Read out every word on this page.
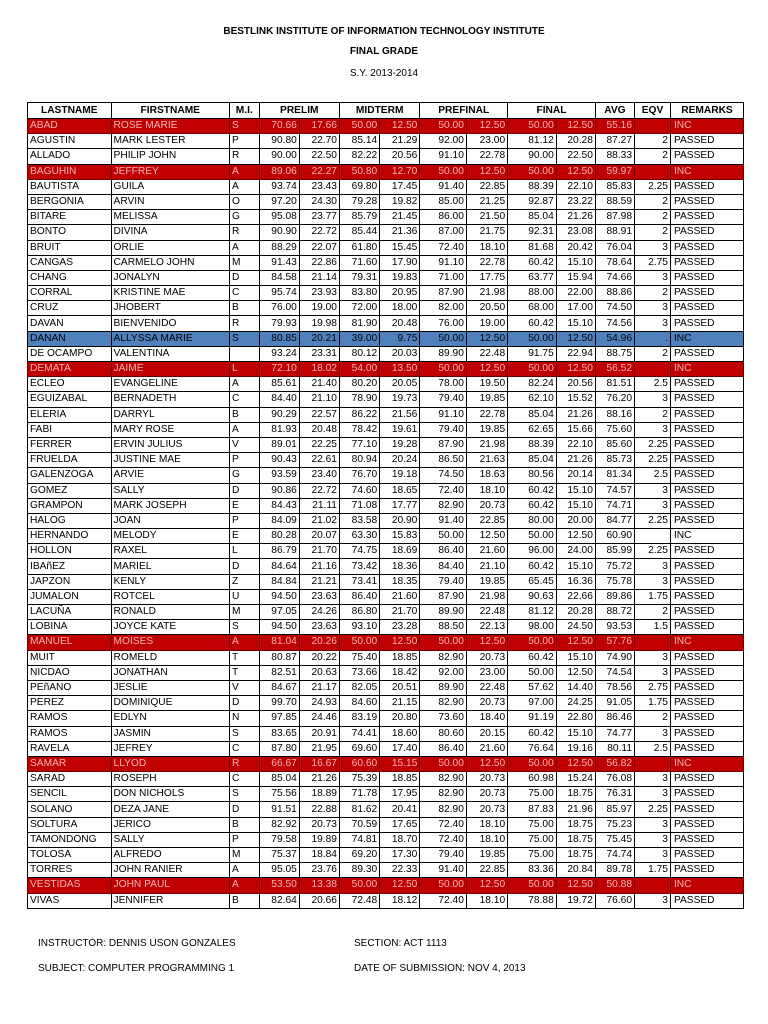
BESTLINK INSTITUTE OF INFORMATION TECHNOLOGY INSTITUTE
FINAL GRADE
S.Y. 2013-2014
LASTNAME	FIRSTNAME	M.I.	PRELIM		MIDTERM		PREFINAL		FINAL		AVG	EQV	REMARKS
ABAD	ROSE MARIE	S	70.66	17.66	50.00	12.50	50.00	12.50	50.00	12.50	55.16		INC
AGUSTIN	MARK LESTER	P	90.80	22.70	85.14	21.29	92.00	23.00	81.12	20.28	87.27	2	PASSED
ALLADO	PHILIP JOHN	R	90.00	22.50	82.22	20.56	91.10	22.78	90.00	22.50	88.33	2	PASSED
BAGUHIN	JEFFREY	A	89.06	22.27	50.80	12.70	50.00	12.50	50.00	12.50	59.97		INC
BAUTISTA	GUILA	A	93.74	23.43	69.80	17.45	91.40	22.85	88.39	22.10	85.83	2.25	PASSED
BERGONIA	ARVIN	O	97.20	24.30	79.28	19.82	85.00	21.25	92.87	23.22	88.59	2	PASSED
BITARE	MELISSA	G	95.08	23.77	85.79	21.45	86.00	21.50	85.04	21.26	87.98	2	PASSED
BONTO	DIVINA	R	90.90	22.72	85.44	21.36	87.00	21.75	92.31	23.08	88.91	2	PASSED
BRUIT	ORLIE	A	88.29	22.07	61.80	15.45	72.40	18.10	81.68	20.42	76.04	3	PASSED
CANGAS	CARMELO JOHN	M	91.43	22.86	71.60	17.90	91.10	22.78	60.42	15.10	78.64	2.75	PASSED
CHANG	JONALYN	D	84.58	21.14	79.31	19.83	71.00	17.75	63.77	15.94	74.66	3	PASSED
CORRAL	KRISTINE MAE	C	95.74	23.93	83.80	20.95	87.90	21.98	88.00	22.00	88.86	2	PASSED
CRUZ	JHOBERT	B	76.00	19.00	72.00	18.00	82.00	20.50	68.00	17.00	74.50	3	PASSED
DAVAN	BIENVENIDO	R	79.93	19.98	81.90	20.48	76.00	19.00	60.42	15.10	74.56	3	PASSED
DANAN	ALLYSSA MARIE	S	80.85	20.21	39.00	9.75	50.00	12.50	50.00	12.50	54.96	.	INC
DE OCAMPO	VALENTINA		93.24	23.31	80.12	20.03	89.90	22.48	91.75	22.94	88.75	2	PASSED
DEMATA	JAIME	L	72.10	18.02	54.00	13.50	50.00	12.50	50.00	12.50	56.52		INC
ECLEO	EVANGELINE	A	85.61	21.40	80.20	20.05	78.00	19.50	82.24	20.56	81.51	2.5	PASSED
EGUIZABAL	BERNADETH	C	84.40	21.10	78.90	19.73	79.40	19.85	62.10	15.52	76.20	3	PASSED
ELERIA	DARRYL	B	90.29	22.57	86.22	21.56	91.10	22.78	85.04	21.26	88.16	2	PASSED
FABI	MARY ROSE	A	81.93	20.48	78.42	19.61	79.40	19.85	62.65	15.66	75.60	3	PASSED
FERRER	ERVIN JULIUS	V	89.01	22.25	77.10	19.28	87.90	21.98	88.39	22.10	85.60	2.25	PASSED
FRUELDA	JUSTINE MAE	P	90.43	22.61	80.94	20.24	86.50	21.63	85.04	21.26	85.73	2.25	PASSED
GALENZOGA	ARVIE	G	93.59	23.40	76.70	19.18	74.50	18.63	80.56	20.14	81.34	2.5	PASSED
GOMEZ	SALLY	D	90.86	22.72	74.60	18.65	72.40	18.10	60.42	15.10	74.57	3	PASSED
GRAMPON	MARK JOSEPH	E	84.43	21.11	71.08	17.77	82.90	20.73	60.42	15.10	74.71	3	PASSED
HALOG	JOAN	P	84.09	21.02	83.58	20.90	91.40	22.85	80.00	20.00	84.77	2.25	PASSED
HERNANDO	MELODY	E	80.28	20.07	63.30	15.83	50.00	12.50	50.00	12.50	60.90		INC
HOLLON	RAXEL	L	86.79	21.70	74.75	18.69	86.40	21.60	96.00	24.00	85.99	2.25	PASSED
IBAñEZ	MARIEL	D	84.64	21.16	73.42	18.36	84.40	21.10	60.42	15.10	75.72	3	PASSED
JAPZON	KENLY	Z	84.84	21.21	73.41	18.35	79.40	19.85	65.45	16.36	75.78	3	PASSED
JUMALON	ROTCEL	U	94.50	23.63	86.40	21.60	87.90	21.98	90.63	22.66	89.86	1.75	PASSED
LACUÑA	RONALD	M	97.05	24.26	86.80	21.70	89.90	22.48	81.12	20.28	88.72	2	PASSED
LOBINA	JOYCE KATE	S	94.50	23.63	93.10	23.28	88.50	22.13	98.00	24.50	93.53	1.5	PASSED
MANUEL	MOISES	A	81.04	20.26	50.00	12.50	50.00	12.50	50.00	12.50	57.76		INC
MUIT	ROMELD	T	80.87	20.22	75.40	18.85	82.90	20.73	60.42	15.10	74.90	3	PASSED
NICDAO	JONATHAN	T	82.51	20.63	73.66	18.42	92.00	23.00	50.00	12.50	74.54	3	PASSED
PEñANO	JESLIE	V	84.67	21.17	82.05	20.51	89.90	22.48	57.62	14.40	78.56	2.75	PASSED
PEREZ	DOMINIQUE	D	99.70	24.93	84.60	21.15	82.90	20.73	97.00	24.25	91.05	1.75	PASSED
RAMOS	EDLYN	N	97.85	24.46	83.19	20.80	73.60	18.40	91.19	22.80	86.46	2	PASSED
RAMOS	JASMIN	S	83.65	20.91	74.41	18.60	80.60	20.15	60.42	15.10	74.77	3	PASSED
RAVELA	JEFREY	C	87.80	21.95	69.60	17.40	86.40	21.60	76.64	19.16	80.11	2.5	PASSED
SAMAR	LLYOD	R	66.67	16.67	60.60	15.15	50.00	12.50	50.00	12.50	56.82		INC
SARAD	ROSEPH	C	85.04	21.26	75.39	18.85	82.90	20.73	60.98	15.24	76.08	3	PASSED
SENCIL	DON NICHOLS	S	75.56	18.89	71.78	17.95	82.90	20.73	75.00	18.75	76.31	3	PASSED
SOLANO	DEZA JANE	D	91.51	22.88	81.62	20.41	82.90	20.73	87.83	21.96	85.97	2.25	PASSED
SOLTURA	JERICO	B	82.92	20.73	70.59	17.65	72.40	18.10	75.00	18.75	75.23	3	PASSED
TAMONDONG	SALLY	P	79.58	19.89	74.81	18.70	72.40	18.10	75.00	18.75	75.45	3	PASSED
TOLOSA	ALFREDO	M	75.37	18.84	69.20	17.30	79.40	19.85	75.00	18.75	74.74	3	PASSED
TORRES	JOHN RANIER	A	95.05	23.76	89.30	22.33	91.40	22.85	83.36	20.84	89.78	1.75	PASSED
VESTIDAS	JOHN PAUL	A	53.50	13.38	50.00	12.50	50.00	12.50	50.00	12.50	50.88		INC
VIVAS	JENNIFER	B	82.64	20.66	72.48	18.12	72.40	18.10	78.88	19.72	76.60	3	PASSED
INSTRUCTOR: DENNIS USON GONZALES	SECTION: ACT 1113
SUBJECT: COMPUTER PROGRAMMING 1	DATE OF SUBMISSION: NOV 4, 2013
